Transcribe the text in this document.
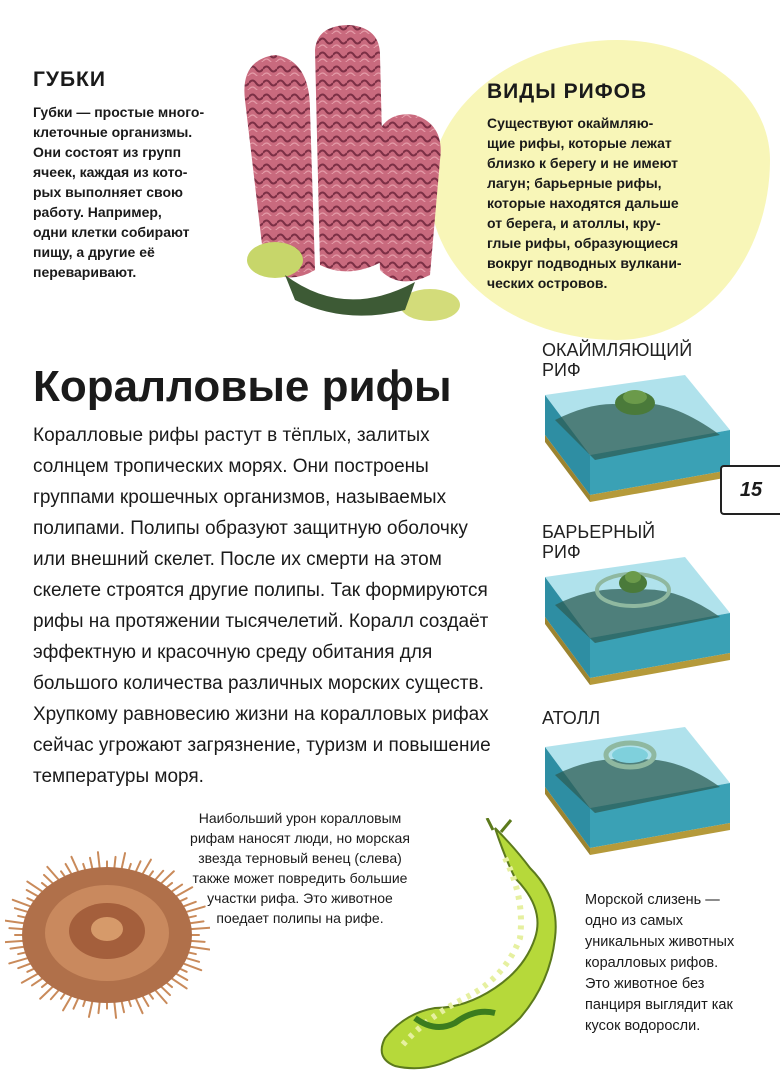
ГУБКИ
Губки — простые много-
клеточные организмы.
Они состоят из групп
ячеек, каждая из кото-
рых выполняет свою
работу. Например,
одни клетки собирают
пищу, а другие её
переваривают.
ВИДЫ РИФОВ
Существуют окаймляю-
щие рифы, которые лежат
близко к берегу и не имеют
лагун; барьерные рифы,
которые находятся дальше
от берега, и атоллы, кру-
глые рифы, образующиеся
вокруг подводных вулкани-
ческих островов.
Коралловые рифы
Коралловые рифы растут в тёплых, залитых
солнцем тропических морях. Они построены
группами крошечных организмов, называемых
полипами. Полипы образуют защитную оболочку
или внешний скелет. После их смерти на этом
скелете строятся другие полипы. Так формируются
рифы на протяжении тысячелетий. Коралл создаёт
эффектную и красочную среду обитания для
большого количества различных морских существ.
Хрупкому равновесию жизни на коралловых рифах
сейчас угрожают загрязнение, туризм и повышение
температуры моря.
ОКАЙМЛЯЮЩИЙ
РИФ
БАРЬЕРНЫЙ
РИФ
АТОЛЛ
15
Наибольший урон коралловым
рифам наносят люди, но морская
звезда терновый венец (слева)
также может повредить большие
участки рифа. Это животное
поедает полипы на рифе.
Морской слизень —
одно из самых
уникальных животных
коралловых рифов.
Это животное без
панциря выглядит как
кусок водоросли.
